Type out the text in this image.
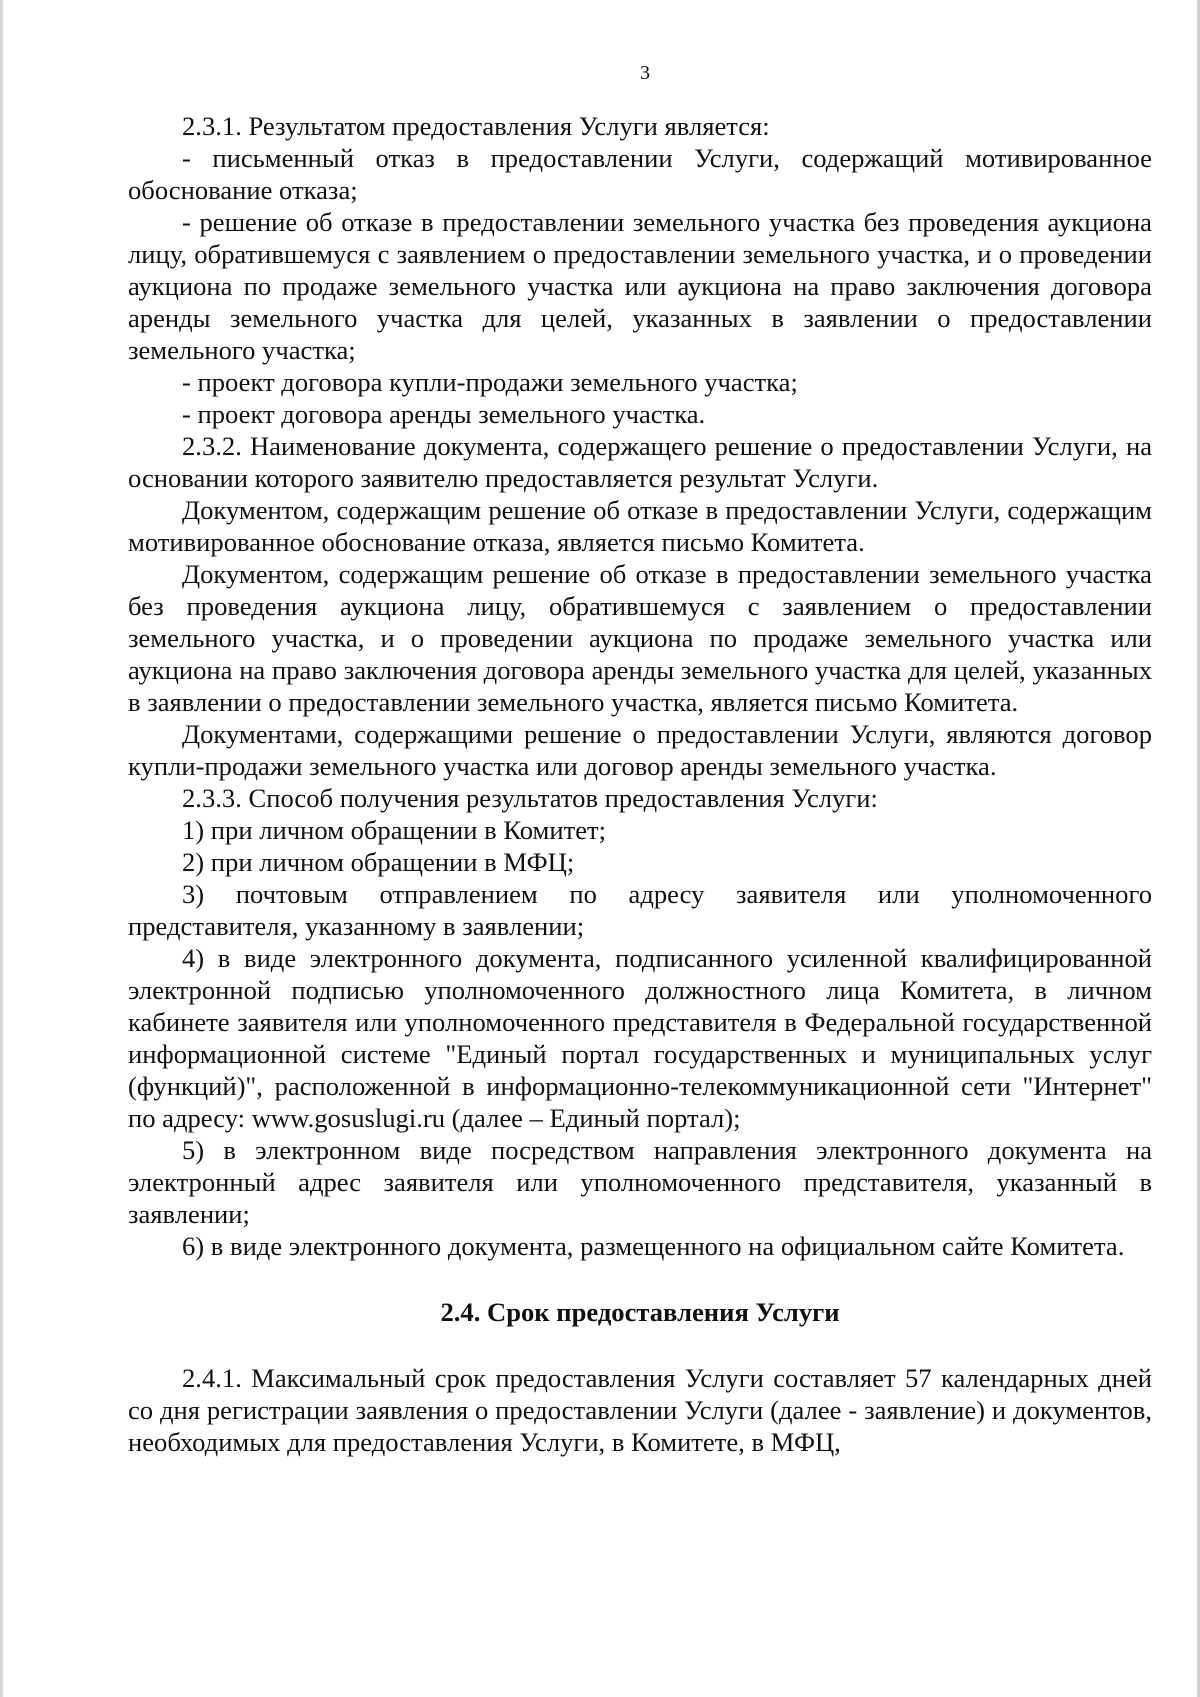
3

2.3.1. Результатом предоставления Услуги является:

- письменный отказ в предоставлении Услуги, содержащий мотивированное обоснование отказа;

- решение об отказе в предоставлении земельного участка без проведения аукциона лицу, обратившемуся с заявлением о предоставлении земельного участка, и о проведении аукциона по продаже земельного участка или аукциона на право заключения договора аренды земельного участка для целей, указанных в заявлении о предоставлении земельного участка;

- проект договора купли-продажи земельного участка;

- проект договора аренды земельного участка.

2.3.2. Наименование документа, содержащего решение о предоставлении Услуги, на основании которого заявителю предоставляется результат Услуги.

Документом, содержащим решение об отказе в предоставлении Услуги, содержащим мотивированное обоснование отказа, является письмо Комитета.

Документом, содержащим решение об отказе в предоставлении земельного участка без проведения аукциона лицу, обратившемуся с заявлением о предоставлении земельного участка, и о проведении аукциона по продаже земельного участка или аукциона на право заключения договора аренды земельного участка для целей, указанных в заявлении о предоставлении земельного участка, является письмо Комитета.

Документами, содержащими решение о предоставлении Услуги, являются договор купли-продажи земельного участка или договор аренды земельного участка.

2.3.3. Способ получения результатов предоставления Услуги:

1) при личном обращении в Комитет;

2) при личном обращении в МФЦ;

3) почтовым отправлением по адресу заявителя или уполномоченного представителя, указанному в заявлении;

4) в виде электронного документа, подписанного усиленной квалифицированной электронной подписью уполномоченного должностного лица Комитета, в личном кабинете заявителя или уполномоченного представителя в Федеральной государственной информационной системе "Единый портал государственных и муниципальных услуг (функций)", расположенной в информационно-телекоммуникационной сети "Интернет" по адресу: www.gosuslugi.ru (далее – Единый портал);

5) в электронном виде посредством направления электронного документа на электронный адрес заявителя или уполномоченного представителя, указанный в заявлении;

6) в виде электронного документа, размещенного на официальном сайте Комитета.

2.4. Срок предоставления Услуги

2.4.1. Максимальный срок предоставления Услуги составляет 57 календарных дней со дня регистрации заявления о предоставлении Услуги (далее - заявление) и документов, необходимых для предоставления Услуги, в Комитете, в МФЦ,
